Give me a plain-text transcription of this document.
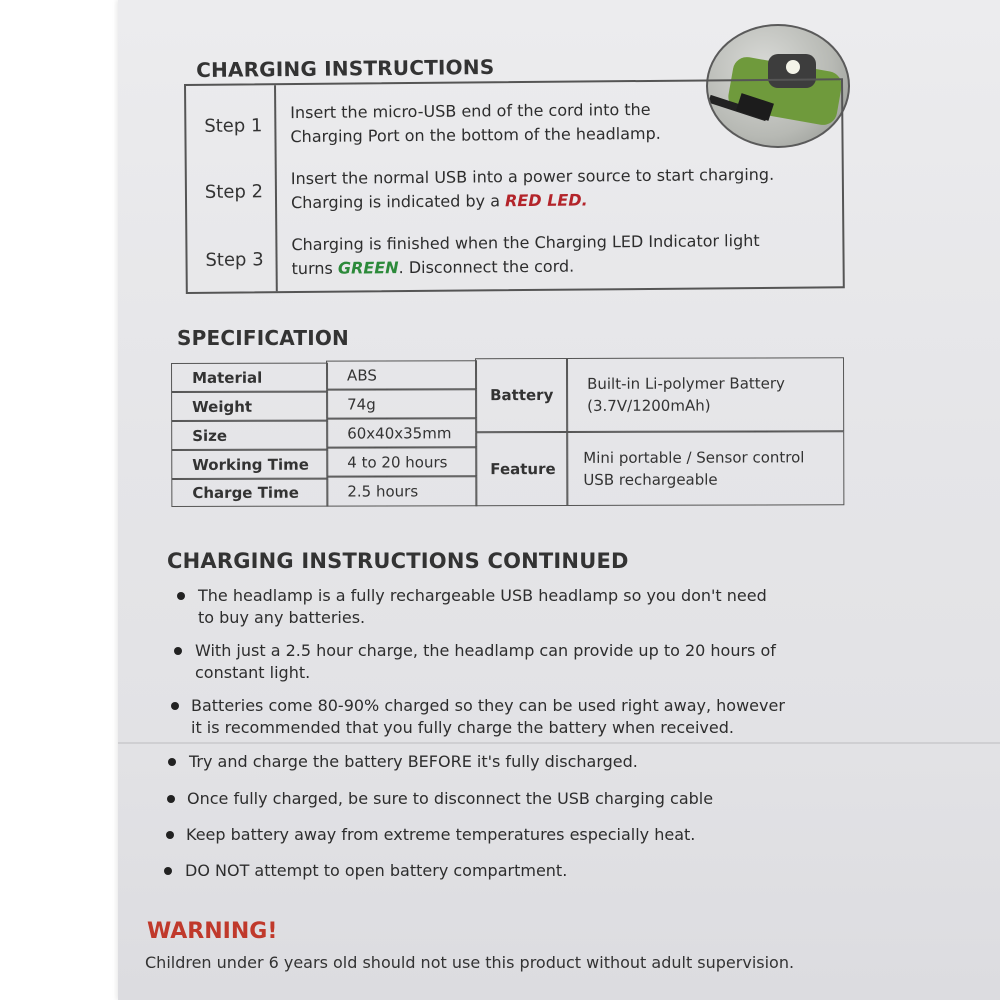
CHARGING INSTRUCTIONS
Step 1
Insert the micro-USB end of the cord into the
Charging Port on the bottom of the headlamp.
Step 2
Insert the normal USB into a power source to start charging.
Charging is indicated by a RED LED.
Step 3
Charging is finished when the Charging LED Indicator light
turns GREEN. Disconnect the cord.
SPECIFICATION
Material	ABS
Weight	74g
Size	60x40x35mm
Working Time	4 to 20 hours
Charge Time	2.5 hours
Battery
Built-in Li-polymer Battery
(3.7V/1200mAh)
Feature
Mini portable / Sensor control
USB rechargeable
CHARGING INSTRUCTIONS CONTINUED
The headlamp is a fully rechargeable USB headlamp so you don't need
to buy any batteries.
With just a 2.5 hour charge, the headlamp can provide up to 20 hours of
constant light.
Batteries come 80-90% charged so they can be used right away, however
it is recommended that you fully charge the battery when received.
Try and charge the battery BEFORE it's fully discharged.
Once fully charged, be sure to disconnect the USB charging cable
Keep battery away from extreme temperatures especially heat.
DO NOT attempt to open battery compartment.
WARNING!
Children under 6 years old should not use this product without adult supervision.
